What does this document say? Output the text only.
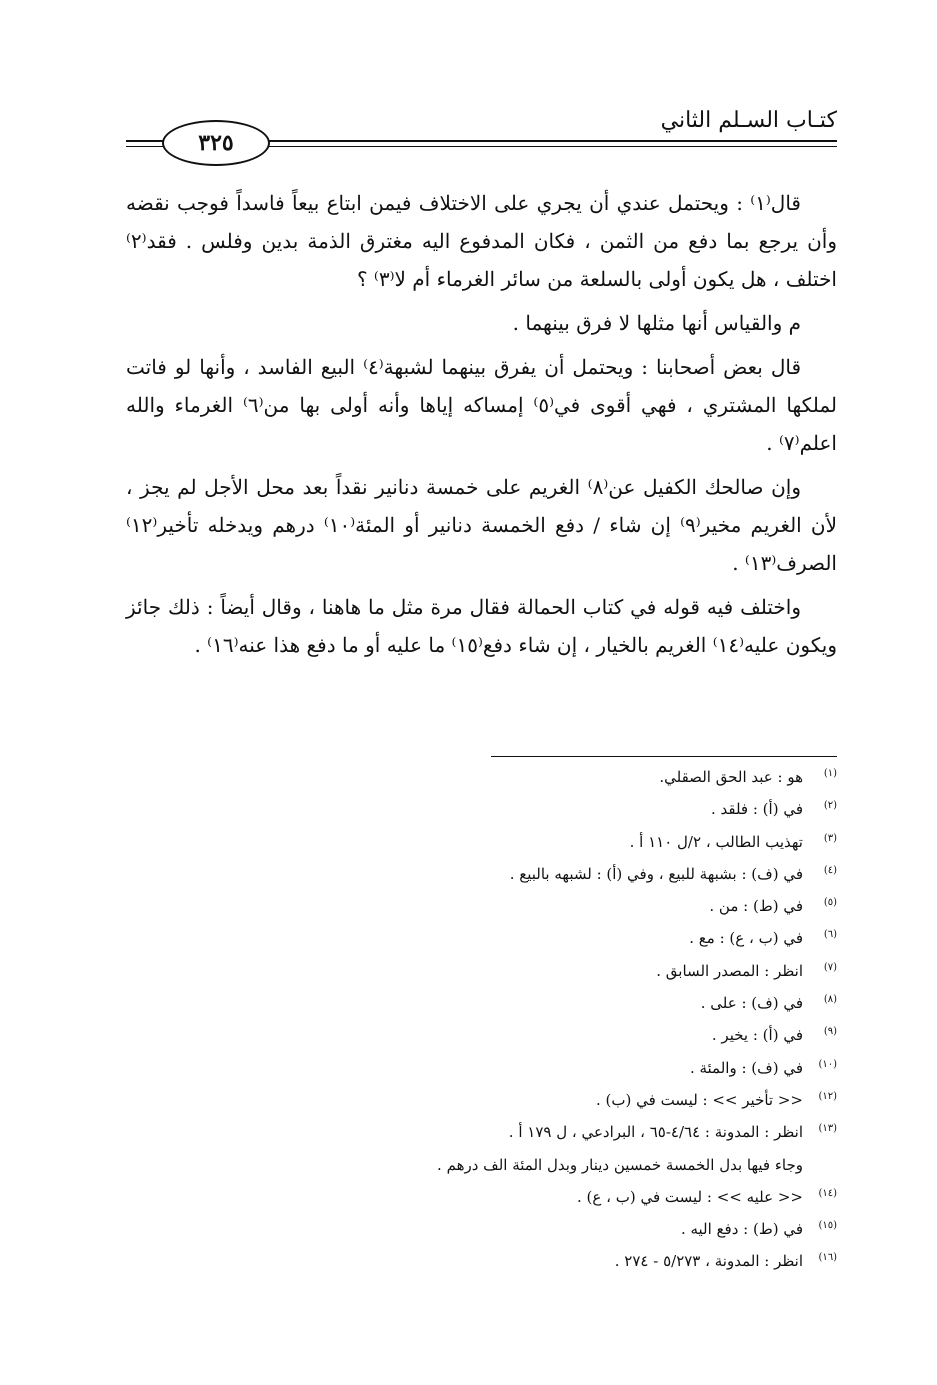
كتـاب السـلم الثاني
٣٢٥

قال⁽١⁾ : ويحتمل عندي أن يجري على الاختلاف فيمن ابتاع بيعاً فاسداً فوجب نقضه وأن يرجع بما دفع من الثمن ، فكان المدفوع اليه مغترق الذمة بدين وفلس . فقد⁽٢⁾ اختلف ، هل يكون أولى بالسلعة من سائر الغرماء أم لا⁽٣⁾ ؟

م والقياس أنها مثلها لا فرق بينهما .

قال بعض أصحابنا : ويحتمل أن يفرق بينهما لشبهة⁽٤⁾ البيع الفاسد ، وأنها لو فاتت لملكها المشتري ، فهي أقوى في⁽٥⁾ إمساكه إياها وأنه أولى بها من⁽٦⁾ الغرماء والله اعلم⁽٧⁾ .

وإن صالحك الكفيل عن⁽٨⁾ الغريم على خمسة دنانير نقداً بعد محل الأجل لم يجز ، لأن الغريم مخير⁽٩⁾ إن شاء / دفع الخمسة دنانير أو المئة⁽١٠⁾ درهم ويدخله تأخير⁽١٢⁾ الصرف⁽١٣⁾ .

واختلف فيه قوله في كتاب الحمالة فقال مرة مثل ما هاهنا ، وقال أيضاً : ذلك جائز ويكون عليه⁽١٤⁾ الغريم بالخيار ، إن شاء دفع⁽١٥⁾ ما عليه أو ما دفع هذا عنه⁽١٦⁾ .

(١)
هو : عبد الحق الصقلي.
(٢)
في (أ) : فلقد .
(٣)
تهذيب الطالب ، ٢/ل ١١٠ أ .
(٤)
في (ف) : بشبهة للبيع ، وفي (أ) : لشبهه بالبيع .
(٥)
في (ط) : من .
(٦)
في (ب ، ع) : مع .
(٧)
انظر : المصدر السابق .
(٨)
في (ف) : على .
(٩)
في (أ) : يخير .
(١٠)
في (ف) : والمئة .
(١٢)
<< تأخير >> : ليست في (ب) .
(١٣)
انظر : المدونة : ٤/٦٤-٦٥ ، البرادعي ، ل ١٧٩ أ .
وجاء فيها بدل الخمسة خمسين دينار وبدل المئة الف درهم .
(١٤)
<< عليه >> : ليست في (ب ، ع) .
(١٥)
في (ط) : دفع اليه .
(١٦)
انظر : المدونة ، ٥/٢٧٣ - ٢٧٤ .
